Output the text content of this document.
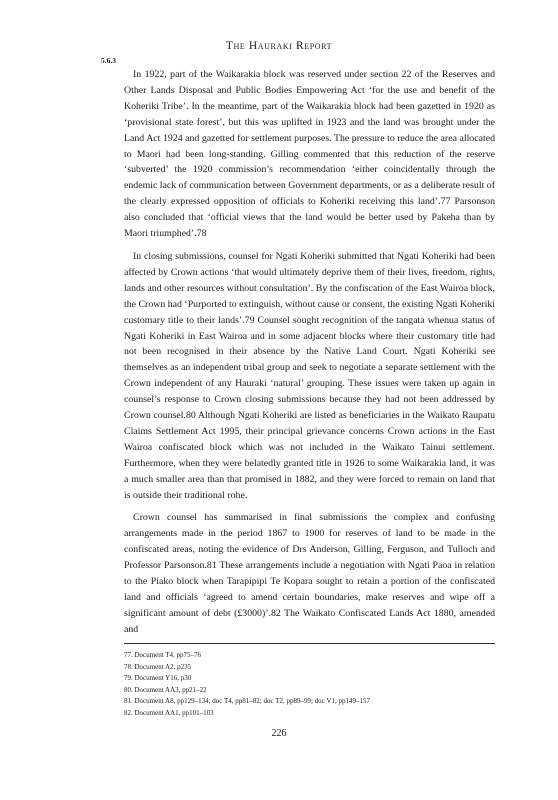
The Hauraki Report
5.6.3

In 1922, part of the Waikarakia block was reserved under section 22 of the Reserves and Other Lands Disposal and Public Bodies Empowering Act ‘for the use and benefit of the Koheriki Tribe’. In the meantime, part of the Waikarakia block had been gazetted in 1920 as ‘provisional state forest’, but this was uplifted in 1923 and the land was brought under the Land Act 1924 and gazetted for settlement purposes. The pressure to reduce the area allocated to Maori had been long-standing. Gilling commented that this reduction of the reserve ‘subverted’ the 1920 commission’s recommendation ‘either coincidentally through the endemic lack of communication between Government departments, or as a deliberate result of the clearly expressed opposition of officials to Koheriki receiving this land’.77 Parsonson also concluded that ‘official views that the land would be better used by Pakeha than by Maori triumphed’.78

In closing submissions, counsel for Ngati Koheriki submitted that Ngati Koheriki had been affected by Crown actions ‘that would ultimately deprive them of their lives, freedom, rights, lands and other resources without consultation’. By the confiscation of the East Wairoa block, the Crown had ‘Purported to extinguish, without cause or consent, the existing Ngati Koheriki customary title to their lands’.79 Counsel sought recognition of the tangata whenua status of Ngati Koheriki in East Wairoa and in some adjacent blocks where their customary title had not been recognised in their absence by the Native Land Court. Ngati Koheriki see themselves as an independent tribal group and seek to negotiate a separate settlement with the Crown independent of any Hauraki ‘natural’ grouping. These issues were taken up again in counsel’s response to Crown closing submissions because they had not been addressed by Crown counsel.80 Although Ngati Koheriki are listed as beneficiaries in the Waikato Raupatu Claims Settlement Act 1995, their principal grievance concerns Crown actions in the East Wairoa confiscated block which was not included in the Waikato Tainui settlement. Furthermore, when they were belatedly granted title in 1926 to some Waikarakia land, it was a much smaller area than that promised in 1882, and they were forced to remain on land that is outside their traditional rohe.

Crown counsel has summarised in final submissions the complex and confusing arrangements made in the period 1867 to 1900 for reserves of land to be made in the confiscated areas, noting the evidence of Drs Anderson, Gilling, Ferguson, and Tulloch and Professor Parsonson.81 These arrangements include a negotiation with Ngati Paoa in relation to the Piako block when Tarapipipi Te Kopara sought to retain a portion of the confiscated land and officials ‘agreed to amend certain boundaries, make reserves and wipe off a significant amount of debt (£3000)’.82 The Waikato Confiscated Lands Act 1880, amended and

77. Document T4, pp75–76
78. Document A2, p235
79. Document Y16, p30
80. Document AA3, pp21–22
81. Document A8, pp129–134; doc T4, pp81–82; doc T2, pp89–99; doc V1, pp149–157
82. Document AA1, pp101–103
226
